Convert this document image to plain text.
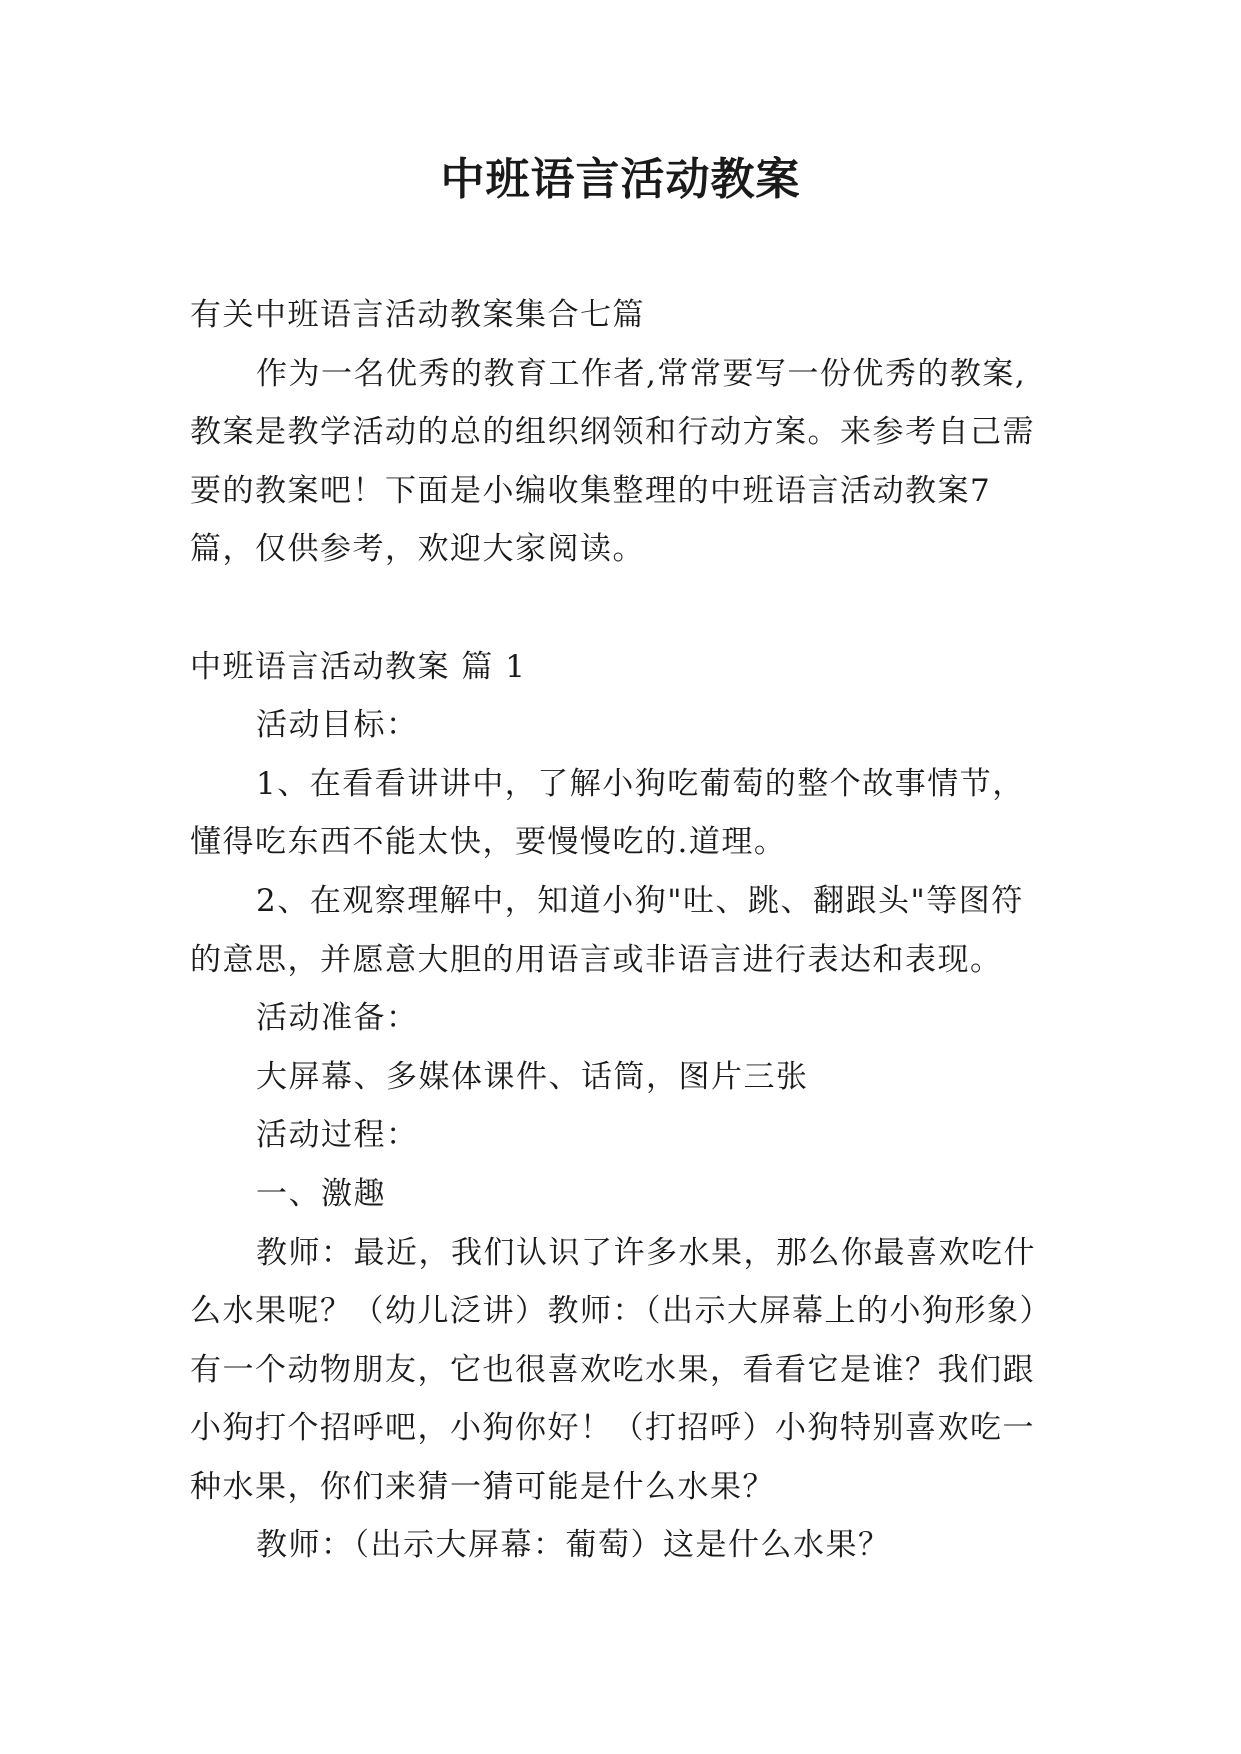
中班语言活动教案

有关中班语言活动教案集合七篇

作为一名优秀的教育工作者,常常要写一份优秀的教案,教案是教学活动的总的组织纲领和行动方案。来参考自己需要的教案吧！下面是小编收集整理的中班语言活动教案7篇，仅供参考，欢迎大家阅读。

中班语言活动教案 篇 1

活动目标：

1、在看看讲讲中，了解小狗吃葡萄的整个故事情节，懂得吃东西不能太快，要慢慢吃的.道理。

2、在观察理解中，知道小狗"吐、跳、翻跟头"等图符的意思，并愿意大胆的用语言或非语言进行表达和表现。

活动准备：

大屏幕、多媒体课件、话筒，图片三张

活动过程：

一、激趣

教师：最近，我们认识了许多水果，那么你最喜欢吃什么水果呢？（幼儿泛讲）教师：（出示大屏幕上的小狗形象）有一个动物朋友，它也很喜欢吃水果，看看它是谁？我们跟小狗打个招呼吧，小狗你好！（打招呼）小狗特别喜欢吃一种水果，你们来猜一猜可能是什么水果？

教师：（出示大屏幕：葡萄）这是什么水果？
